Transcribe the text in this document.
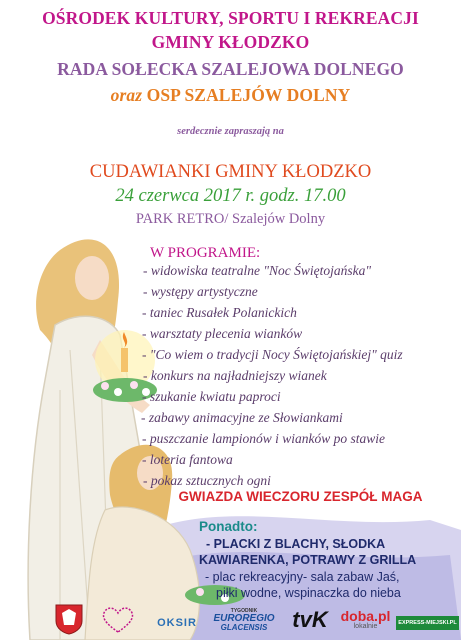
OŚRODEK KULTURY, SPORTU I REKREACJI
GMINY KŁODZKO
RADA SOŁECKA SZALEJOWA DOLNEGO
oraz OSP SZALEJÓW DOLNY
serdecznie zapraszają na
CUDAWIANKI GMINY KŁODZKO
24 czerwca 2017 r. godz. 17.00
PARK RETRO/ Szalejów Dolny
W PROGRAMIE:
- widowiska teatralne "Noc Świętojańska"
- występy artystyczne
- taniec Rusałek Polanickich
- warsztaty plecenia wianków
- "Co wiem o tradycji Nocy Świętojańskiej" quiz
- konkurs na najładniejszy wianek
- szukanie kwiatu paproci
- zabawy animacyjne ze Słowiankami
- puszczanie lampionów i wianków po stawie
- loteria fantowa
- pokaz sztucznych ogni
GWIAZDA WIECZORU ZESPÓŁ MAGA
Ponadto:
- PLACKI Z BLACHY, SŁODKA
KAWIARENKA, POTRAWY Z GRILLA
- plac rekreacyjny- sala zabaw Jaś,
piłki wodne, wspinaczka do nieba
OKSIR
TYGODNIK
EUROREGIO
GLACENSIS tvK doba.pl
lokalnie	EXPRESS-MIEJSKI.PL
